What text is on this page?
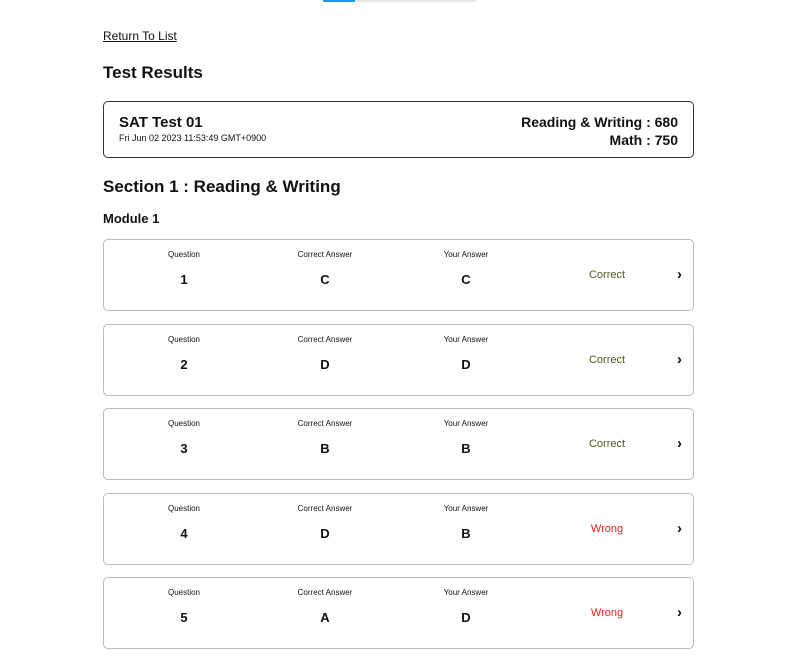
Return To List
Test Results
SAT Test 01
Fri Jun 02 2023 11:53:49 GMT+0900
Reading & Writing : 680
Math : 750
Section 1 : Reading & Writing
Module 1
Question
1
Correct Answer
C
Your Answer
C	Correct	›
Question
2
Correct Answer
D
Your Answer
D	Correct	›
Question
3
Correct Answer
B
Your Answer
B	Correct	›
Question
4
Correct Answer
D
Your Answer
B	Wrong	›
Question
5
Correct Answer
A
Your Answer
D	Wrong	›
